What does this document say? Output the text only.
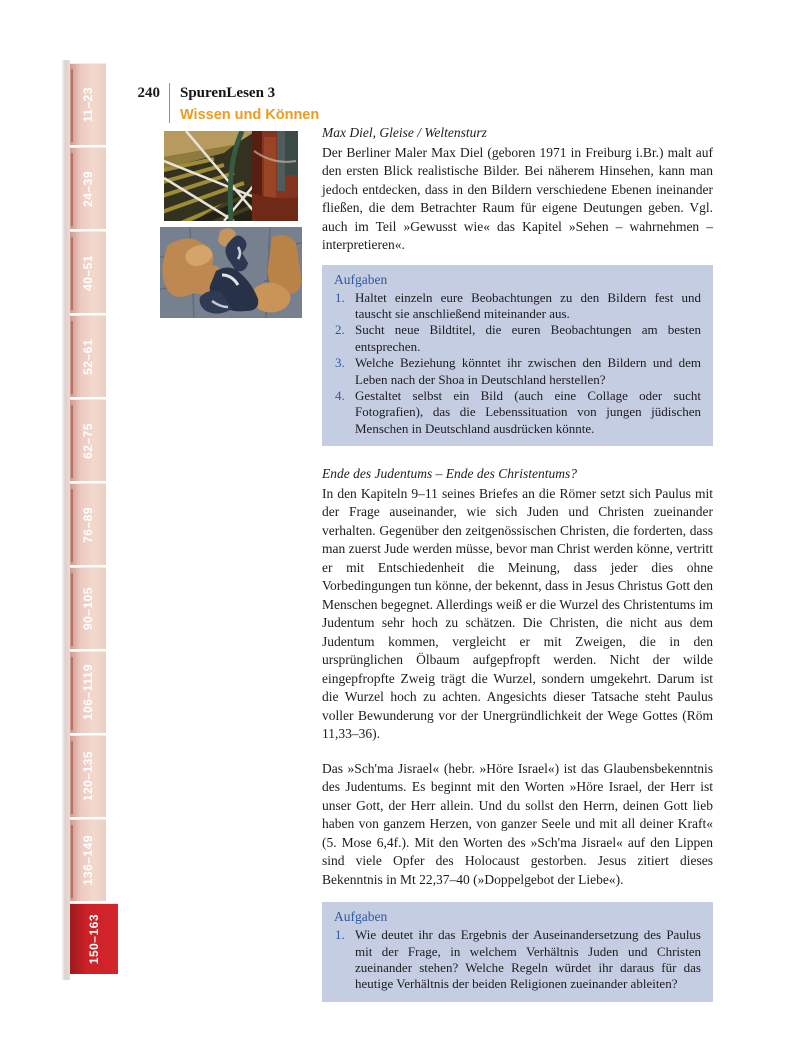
11–23
24–39
40–51
52–61
62–75
76–89
90–105
106–1119
120–135
136–149
150–163
240 SpurenLesen 3
Wissen und Können
Max Diel, Gleise / Weltensturz

Der Berliner Maler Max Diel (geboren 1971 in Freiburg i.Br.) malt auf den ersten Blick realistische Bilder. Bei näherem Hinsehen, kann man jedoch entdecken, dass in den Bildern verschiedene Ebenen ineinander fließen, die dem Betrachter Raum für eigene Deutungen geben. Vgl. auch im Teil »Gewusst wie« das Kapitel »Sehen – wahrnehmen – interpretieren«.

Aufgaben
1. Haltet einzeln eure Beobachtungen zu den Bildern fest und tauscht sie anschließend miteinander aus.
2. Sucht neue Bildtitel, die euren Beobachtungen am besten entsprechen.
3. Welche Beziehung könntet ihr zwischen den Bildern und dem Leben nach der Shoa in Deutschland herstellen?
4. Gestaltet selbst ein Bild (auch eine Collage oder sucht Fotografien), das die Lebenssituation von jungen jüdischen Menschen in Deutschland ausdrücken könnte.
Ende des Judentums – Ende des Christentums?

In den Kapiteln 9–11 seines Briefes an die Römer setzt sich Paulus mit der Frage auseinander, wie sich Juden und Christen zueinander verhalten. Gegenüber den zeitgenössischen Christen, die forderten, dass man zuerst Jude werden müsse, bevor man Christ werden könne, vertritt er mit Entschiedenheit die Meinung, dass jeder dies ohne Vorbedingungen tun könne, der bekennt, dass in Jesus Christus Gott den Menschen begegnet. Allerdings weiß er die Wurzel des Christentums im Judentum sehr hoch zu schätzen. Die Christen, die nicht aus dem Judentum kommen, vergleicht er mit Zweigen, die in den ursprünglichen Ölbaum aufgepfropft werden. Nicht der wilde eingepfropfte Zweig trägt die Wurzel, sondern umgekehrt. Darum ist die Wurzel hoch zu achten. Angesichts dieser Tatsache steht Paulus voller Bewunderung vor der Unergründlichkeit der Wege Gottes (Röm 11,33–36).

Das »Sch'ma Jisrael« (hebr. »Höre Israel«) ist das Glaubensbekenntnis des Judentums. Es beginnt mit den Worten »Höre Israel, der Herr ist unser Gott, der Herr allein. Und du sollst den Herrn, deinen Gott lieb haben von ganzem Herzen, von ganzer Seele und mit all deiner Kraft« (5. Mose 6,4f.). Mit den Worten des »Sch'ma Jisrael« auf den Lippen sind viele Opfer des Holocaust gestorben. Jesus zitiert dieses Bekenntnis in Mt 22,37–40 (»Doppelgebot der Liebe«).

Aufgaben
1. Wie deutet ihr das Ergebnis der Auseinandersetzung des Paulus mit der Frage, in welchem Verhältnis Juden und Christen zueinander stehen? Welche Regeln würdet ihr daraus für das heutige Verhältnis der beiden Religionen zueinander ableiten?
